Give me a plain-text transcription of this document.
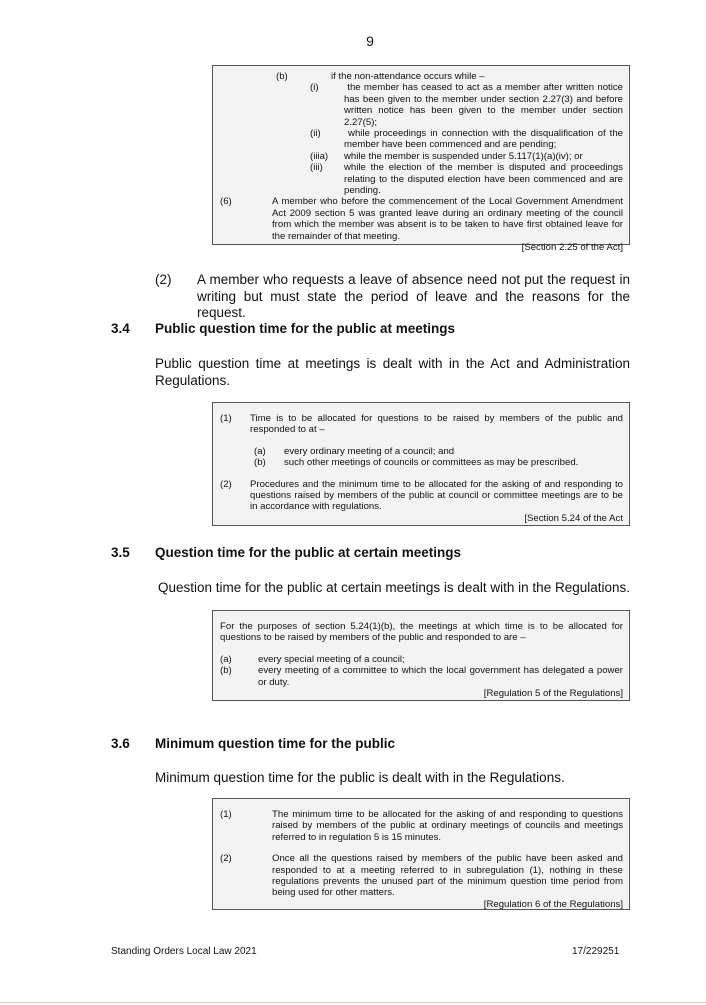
9
(b)	if the non-attendance occurs while –
(i)	the member has ceased to act as a member after written notice has been given to the member under section 2.27(3) and before written notice has been given to the member under section 2.27(5);
(ii)	while proceedings in connection with the disqualification of the member have been commenced and are pending;
(iiia)	while the member is suspended under 5.117(1)(a)(iv); or
(iii)	while the election of the member is disputed and proceedings relating to the disputed election have been commenced and are pending.
(6)	A member who before the commencement of the Local Government Amendment Act 2009 section 5 was granted leave during an ordinary meeting of the council from which the member was absent is to be taken to have first obtained leave for the remainder of that meeting.
[Section 2.25 of the Act]
(2)	A member who requests a leave of absence need not put the request in writing but must state the period of leave and the reasons for the request.
3.4 Public question time for the public at meetings
Public question time at meetings is dealt with in the Act and Administration Regulations.
(1)	Time is to be allocated for questions to be raised by members of the public and responded to at –
(a)	every ordinary meeting of a council; and
(b)	such other meetings of councils or committees as may be prescribed.
(2)	Procedures and the minimum time to be allocated for the asking of and responding to questions raised by members of the public at council or committee meetings are to be in accordance with regulations.
[Section 5.24 of the Act
3.5 Question time for the public at certain meetings
Question time for the public at certain meetings is dealt with in the Regulations.
For the purposes of section 5.24(1)(b), the meetings at which time is to be allocated for questions to be raised by members of the public and responded to are –
(a)	every special meeting of a council;
(b)	every meeting of a committee to which the local government has delegated a power or duty.
[Regulation 5 of the Regulations]
3.6 Minimum question time for the public
Minimum question time for the public is dealt with in the Regulations.
(1)	The minimum time to be allocated for the asking of and responding to questions raised by members of the public at ordinary meetings of councils and meetings referred to in regulation 5 is 15 minutes.
(2)	Once all the questions raised by members of the public have been asked and responded to at a meeting referred to in subregulation (1), nothing in these regulations prevents the unused part of the minimum question time period from being used for other matters.
[Regulation 6 of the Regulations]
Standing Orders Local Law 2021	17/229251
